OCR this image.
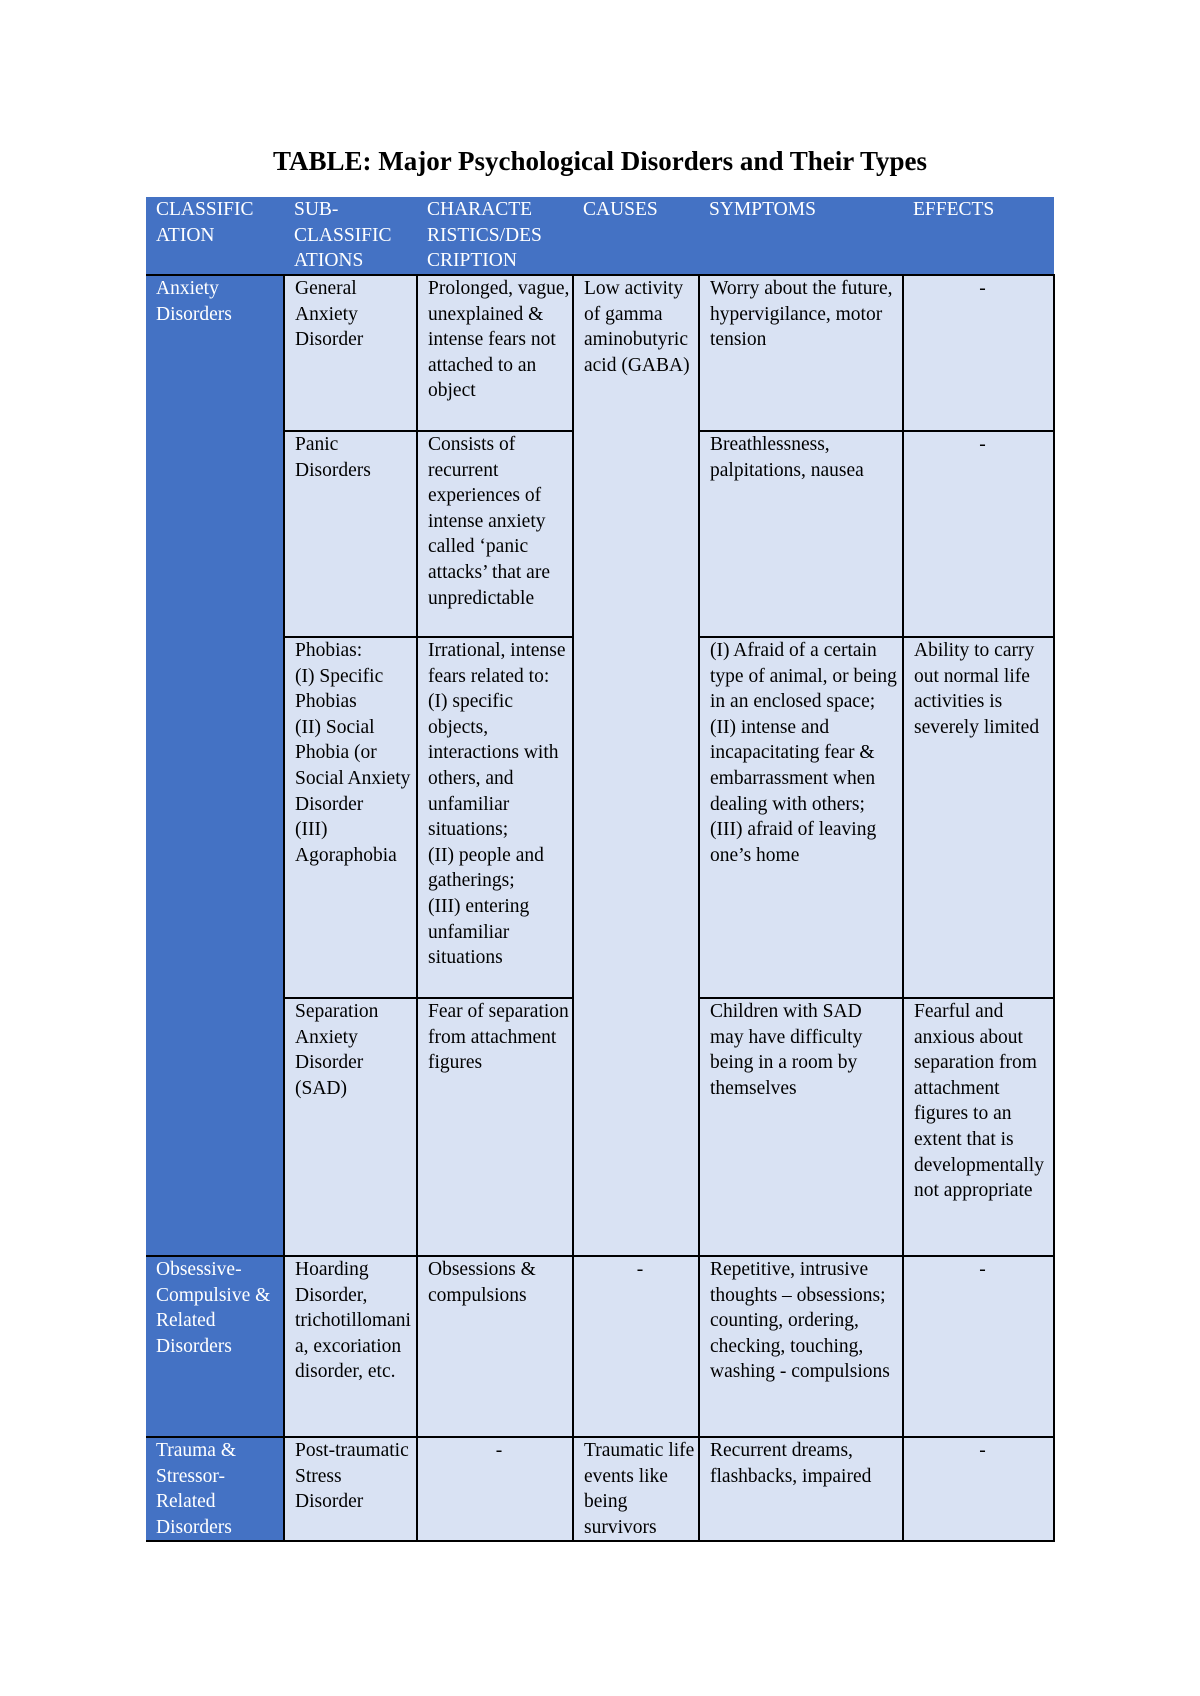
TABLE: Major Psychological Disorders and Their Types
CLASSIFIC ATION	SUB-CLASSIFIC ATIONS	CHARACTE RISTICS/DES CRIPTION	CAUSES	SYMPTOMS	EFFECTS
Anxiety Disorders	General Anxiety Disorder	Prolonged, vague, unexplained & intense fears not attached to an object	Low activity of gamma aminobutyric acid (GABA)	Worry about the future, hypervigilance, motor tension	-
	Panic Disorders	Consists of recurrent experiences of intense anxiety called ‘panic attacks’ that are unpredictable		Breathlessness, palpitations, nausea	-
	Phobias:
(I) Specific Phobias
(II) Social Phobia (or Social Anxiety Disorder
(III) Agoraphobia	Irrational, intense fears related to:
(I) specific objects, interactions with others, and unfamiliar situations;
(II) people and gatherings;
(III) entering unfamiliar situations		(I) Afraid of a certain type of animal, or being in an enclosed space;
(II) intense and incapacitating fear & embarrassment when dealing with others;
(III) afraid of leaving one’s home	Ability to carry out normal life activities is severely limited
	Separation Anxiety Disorder (SAD)	Fear of separation from attachment figures		Children with SAD may have difficulty being in a room by themselves	Fearful and anxious about separation from attachment figures to an extent that is developmentally not appropriate
Obsessive-Compulsive & Related Disorders	Hoarding Disorder, trichotillomania, excoriation disorder, etc.	Obsessions & compulsions	-	Repetitive, intrusive thoughts – obsessions; counting, ordering, checking, touching, washing - compulsions	-
Trauma & Stressor-Related Disorders	Post-traumatic Stress Disorder	-	Traumatic life events like being survivors	Recurrent dreams, flashbacks, impaired	-
